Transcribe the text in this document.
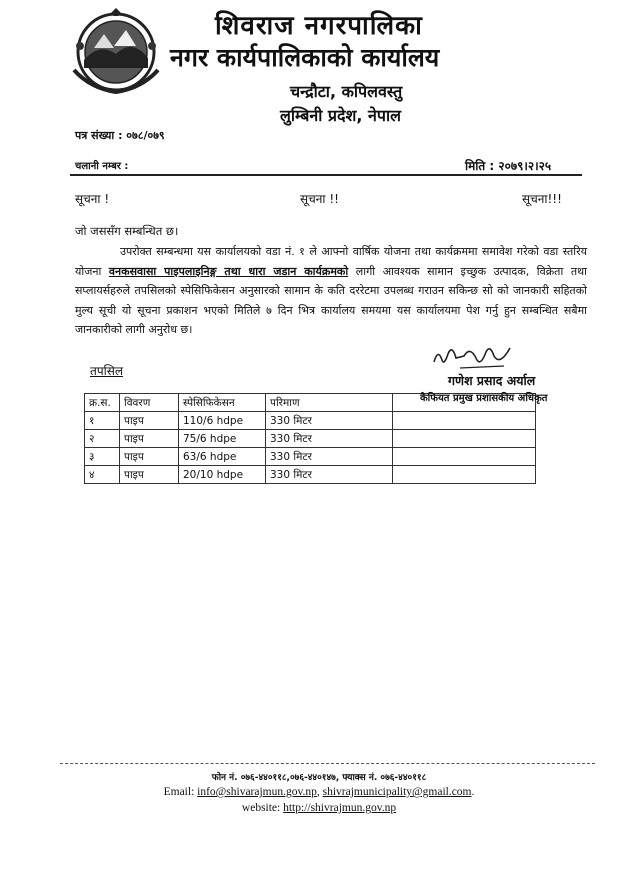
शिवराज नगरपालिका
नगर कार्यपालिकाको कार्यालय
चन्द्रौटा, कपिलवस्तु
लुम्बिनी प्रदेश, नेपाल
पत्र संख्या : ०७८/०७९
चलानी नम्बर :	मिति : २०७९।२।२५
सूचना !	सूचना !!	सूचना!!!
जो जससँग सम्बन्धित छ।

उपरोक्त सम्बन्धमा यस कार्यालयको वडा नं. १ ले आफ्नो वार्षिक योजना तथा कार्यक्रममा समावेश गरेको वडा स्तरिय योजना वनकसवासा पाइपलाइनिङ्ग तथा धारा जडान कार्यक्रमको लागी आवश्यक सामान इच्छुक उत्पादक, विक्रेता तथा सप्लायर्सहरुले तपसिलको स्पेसिफिकेसन अनुसारको सामान के कति दररेटमा उपलब्ध गराउन सकिन्छ सो को जानकारी सहितको मुल्य सूची यो सूचना प्रकाशन भएको मितिले ७ दिन भित्र कार्यालय समयमा यस कार्यालयमा पेश गर्नु हुन सम्बन्धित सबैमा जानकारीको लागी अनुरोध छ।

गणेश प्रसाद अर्याल
तपसिल
क्र.स.	विवरण	स्पेसिफिकेसन	परिमाण	
१	पाइप	110/6 hdpe	330 मिटर	
२	पाइप	75/6 hdpe	330 मिटर	
३	पाइप	63/6 hdpe	330 मिटर	
४	पाइप	20/10 hdpe	330 मिटर	
कैफियत प्रमुख प्रशासकीय अधिकृत
फोन नं. ०७६-४४०११८,०७६-४४०१४७, फ्याक्स नं. ०७६-४४०११८
Email: info@shivarajmun.gov.np, shivrajmunicipality@gmail.com.
website: http://shivrajmun.gov.np
